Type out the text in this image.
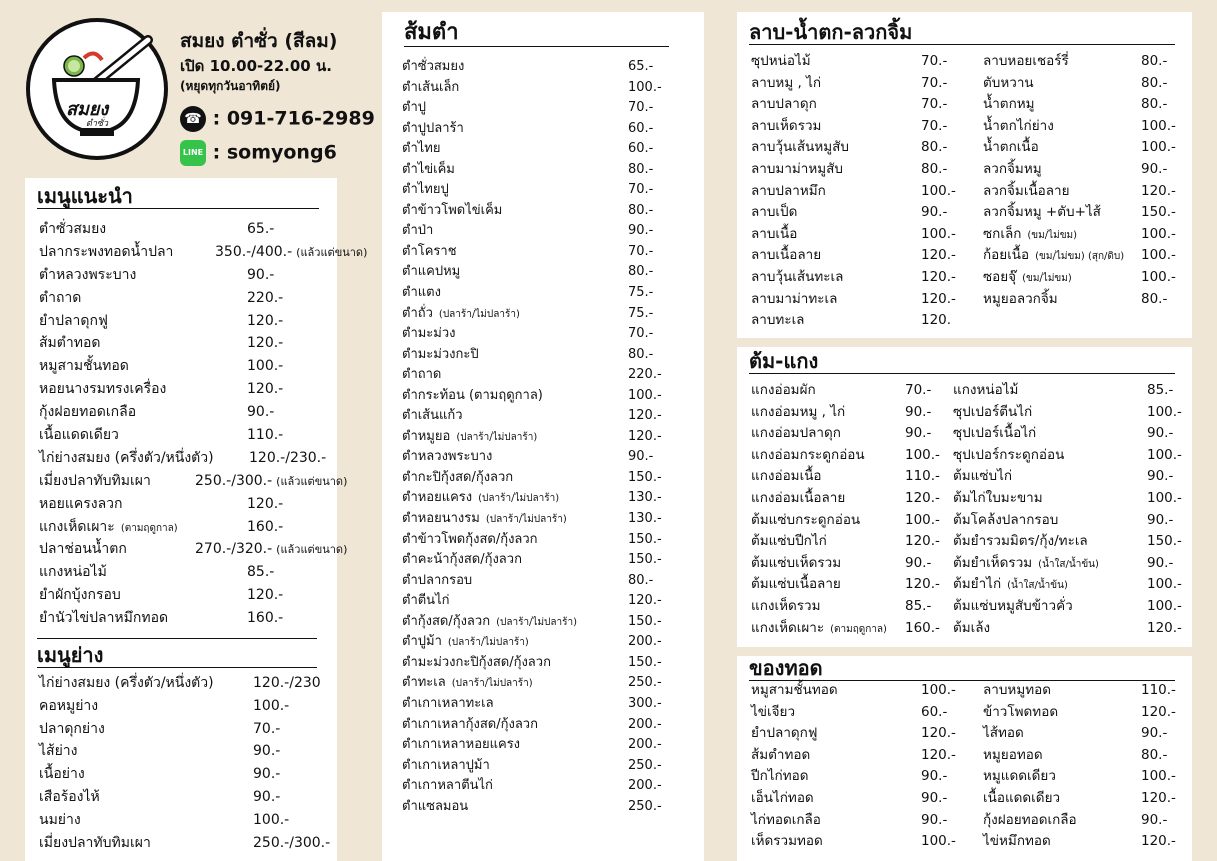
สมยง
ตำซั่ว
สมยง ตำซั่ว (สีลม)
เปิด 10.00-22.00 น.
(หยุดทุกวันอาทิตย์)
☎ : 091-716-2989
LINE : somyong6
เมนูแนะนำ
ตำซั่วสมยง	65.-
ปลากระพงทอดน้ำปลา	350.-/400.- (แล้วแต่ขนาด)
ตำหลวงพระบาง	90.-
ตำถาด	220.-
ยำปลาดุกฟู	120.-
ส้มตำทอด	120.-
หมูสามชั้นทอด	100.-
หอยนางรมทรงเครื่อง	120.-
กุ้งฝอยทอดเกลือ	90.-
เนื้อแดดเดียว	110.-
ไก่ย่างสมยง (ครึ่งตัว/หนึ่งตัว)	120.-/230.-
เมี่ยงปลาทับทิมเผา	250.-/300.- (แล้วแต่ขนาด)
หอยแครงลวก	120.-
แกงเห็ดเผาะ (ตามฤดูกาล)	160.-
ปลาช่อนน้ำตก	270.-/320.- (แล้วแต่ขนาด)
แกงหน่อไม้	85.-
ยำผักบุ้งกรอบ	120.-
ยำนัวไข่ปลาหมึกทอด	160.-
เมนูย่าง
ไก่ย่างสมยง (ครึ่งตัว/หนึ่งตัว)	120.-/230
คอหมูย่าง	100.-
ปลาดุกย่าง	70.-
ไส้ย่าง	90.-
เนื้อย่าง	90.-
เสือร้องไห้	90.-
นมย่าง	100.-
เมี่ยงปลาทับทิมเผา	250.-/300.-
ส้มตำ
ตำซั่วสมยง	65.-
ตำเส้นเล็ก	100.-
ตำปู	70.-
ตำปูปลาร้า	60.-
ตำไทย	60.-
ตำไข่เค็ม	80.-
ตำไทยปู	70.-
ตำข้าวโพดไข่เค็ม	80.-
ตำป่า	90.-
ตำโคราช	70.-
ตำแคปหมู	80.-
ตำแตง	75.-
ตำถั่ว (ปลาร้า/ไม่ปลาร้า)	75.-
ตำมะม่วง	70.-
ตำมะม่วงกะปิ	80.-
ตำถาด	220.-
ตำกระท้อน (ตามฤดูกาล)	100.-
ตำเส้นแก้ว	120.-
ตำหมูยอ (ปลาร้า/ไม่ปลาร้า)	120.-
ตำหลวงพระบาง	90.-
ตำกะปิกุ้งสด/กุ้งลวก	150.-
ตำหอยแครง (ปลาร้า/ไม่ปลาร้า)	130.-
ตำหอยนางรม (ปลาร้า/ไม่ปลาร้า)	130.-
ตำข้าวโพดกุ้งสด/กุ้งลวก	150.-
ตำคะน้ากุ้งสด/กุ้งลวก	150.-
ตำปลากรอบ	80.-
ตำตีนไก่	120.-
ตำกุ้งสด/กุ้งลวก (ปลาร้า/ไม่ปลาร้า)	150.-
ตำปูม้า (ปลาร้า/ไม่ปลาร้า)	200.-
ตำมะม่วงกะปิกุ้งสด/กุ้งลวก	150.-
ตำทะเล (ปลาร้า/ไม่ปลาร้า)	250.-
ตำเกาเหลาทะเล	300.-
ตำเกาเหลากุ้งสด/กุ้งลวก	200.-
ตำเกาเหลาหอยแครง	200.-
ตำเกาเหลาปูม้า	250.-
ตำเกาหลาตีนไก่	200.-
ตำแซลมอน	250.-
ลาบ-น้ำตก-ลวกจิ้ม
ซุปหน่อไม้	70.-
ลาบหมู , ไก่	70.-
ลาบปลาดุก	70.-
ลาบเห็ดรวม	70.-
ลาบวุ้นเส้นหมูสับ	80.-
ลาบมาม่าหมูสับ	80.-
ลาบปลาหมึก	100.-
ลาบเป็ด	90.-
ลาบเนื้อ	100.-
ลาบเนื้อลาย	120.-
ลาบวุ้นเส้นทะเล	120.-
ลาบมาม่าทะเล	120.-
ลาบทะเล	120.
ลาบหอยเชอร์รี่	80.-
ตับหวาน	80.-
น้ำตกหมู	80.-
น้ำตกไก่ย่าง	100.-
น้ำตกเนื้อ	100.-
ลวกจิ้มหมู	90.-
ลวกจิ้มเนื้อลาย	120.-
ลวกจิ้มหมู +ตับ+ไส้	150.-
ซกเล็ก (ขม/ไม่ขม)	100.-
ก้อยเนื้อ (ขม/ไม่ขม) (สุก/ดิบ) 100.-
ซอยจุ๊ (ขม/ไม่ขม)	100.-
หมูยอลวกจิ้ม	80.-
ต้ม-แกง
แกงอ่อมผัก	70.-
แกงอ่อมหมู , ไก่	90.-
แกงอ่อมปลาดุก	90.-
แกงอ่อมกระดูกอ่อน	100.-
แกงอ่อมเนื้อ	110.-
แกงอ่อมเนื้อลาย	120.-
ต้มแซ่บกระดูกอ่อน	100.-
ต้มแซ่บปีกไก่	120.-
ต้มแซ่บเห็ดรวม	90.-
ต้มแซ่บเนื้อลาย	120.-
แกงเห็ดรวม	85.-
แกงเห็ดเผาะ (ตามฤดูกาล) 160.-
แกงหน่อไม้	85.-
ซุปเปอร์ตีนไก่	100.-
ซุปเปอร์เนื้อไก่	90.-
ซุปเปอร์กระดูกอ่อน	100.-
ต้มแซ่บไก่	90.-
ต้มไก่ใบมะขาม	100.-
ต้มโคล้งปลากรอบ	90.-
ต้มยำรวมมิตร/กุ้ง/ทะเล	150.-
ต้มยำเห็ดรวม (น้ำใส/น้ำข้น)	90.-
ต้มยำไก่ (น้ำใส/น้ำข้น)	100.-
ต้มแซ่บหมูสับข้าวคั่ว	100.-
ต้มเล้ง	120.-
ของทอด
หมูสามชั้นทอด	100.-
ไข่เจียว	60.-
ยำปลาดุกฟู	120.-
ส้มตำทอด	120.-
ปีกไก่ทอด	90.-
เอ็นไก่ทอด	90.-
ไก่ทอดเกลือ	90.-
เห็ดรวมทอด	100.-
ลาบหมูทอด	110.-
ข้าวโพดทอด	120.-
ไส้ทอด	90.-
หมูยอทอด	80.-
หมูแดดเดียว	100.-
เนื้อแดดเดียว	120.-
กุ้งฝอยทอดเกลือ	90.-
ไข่หมึกทอด	120.-
